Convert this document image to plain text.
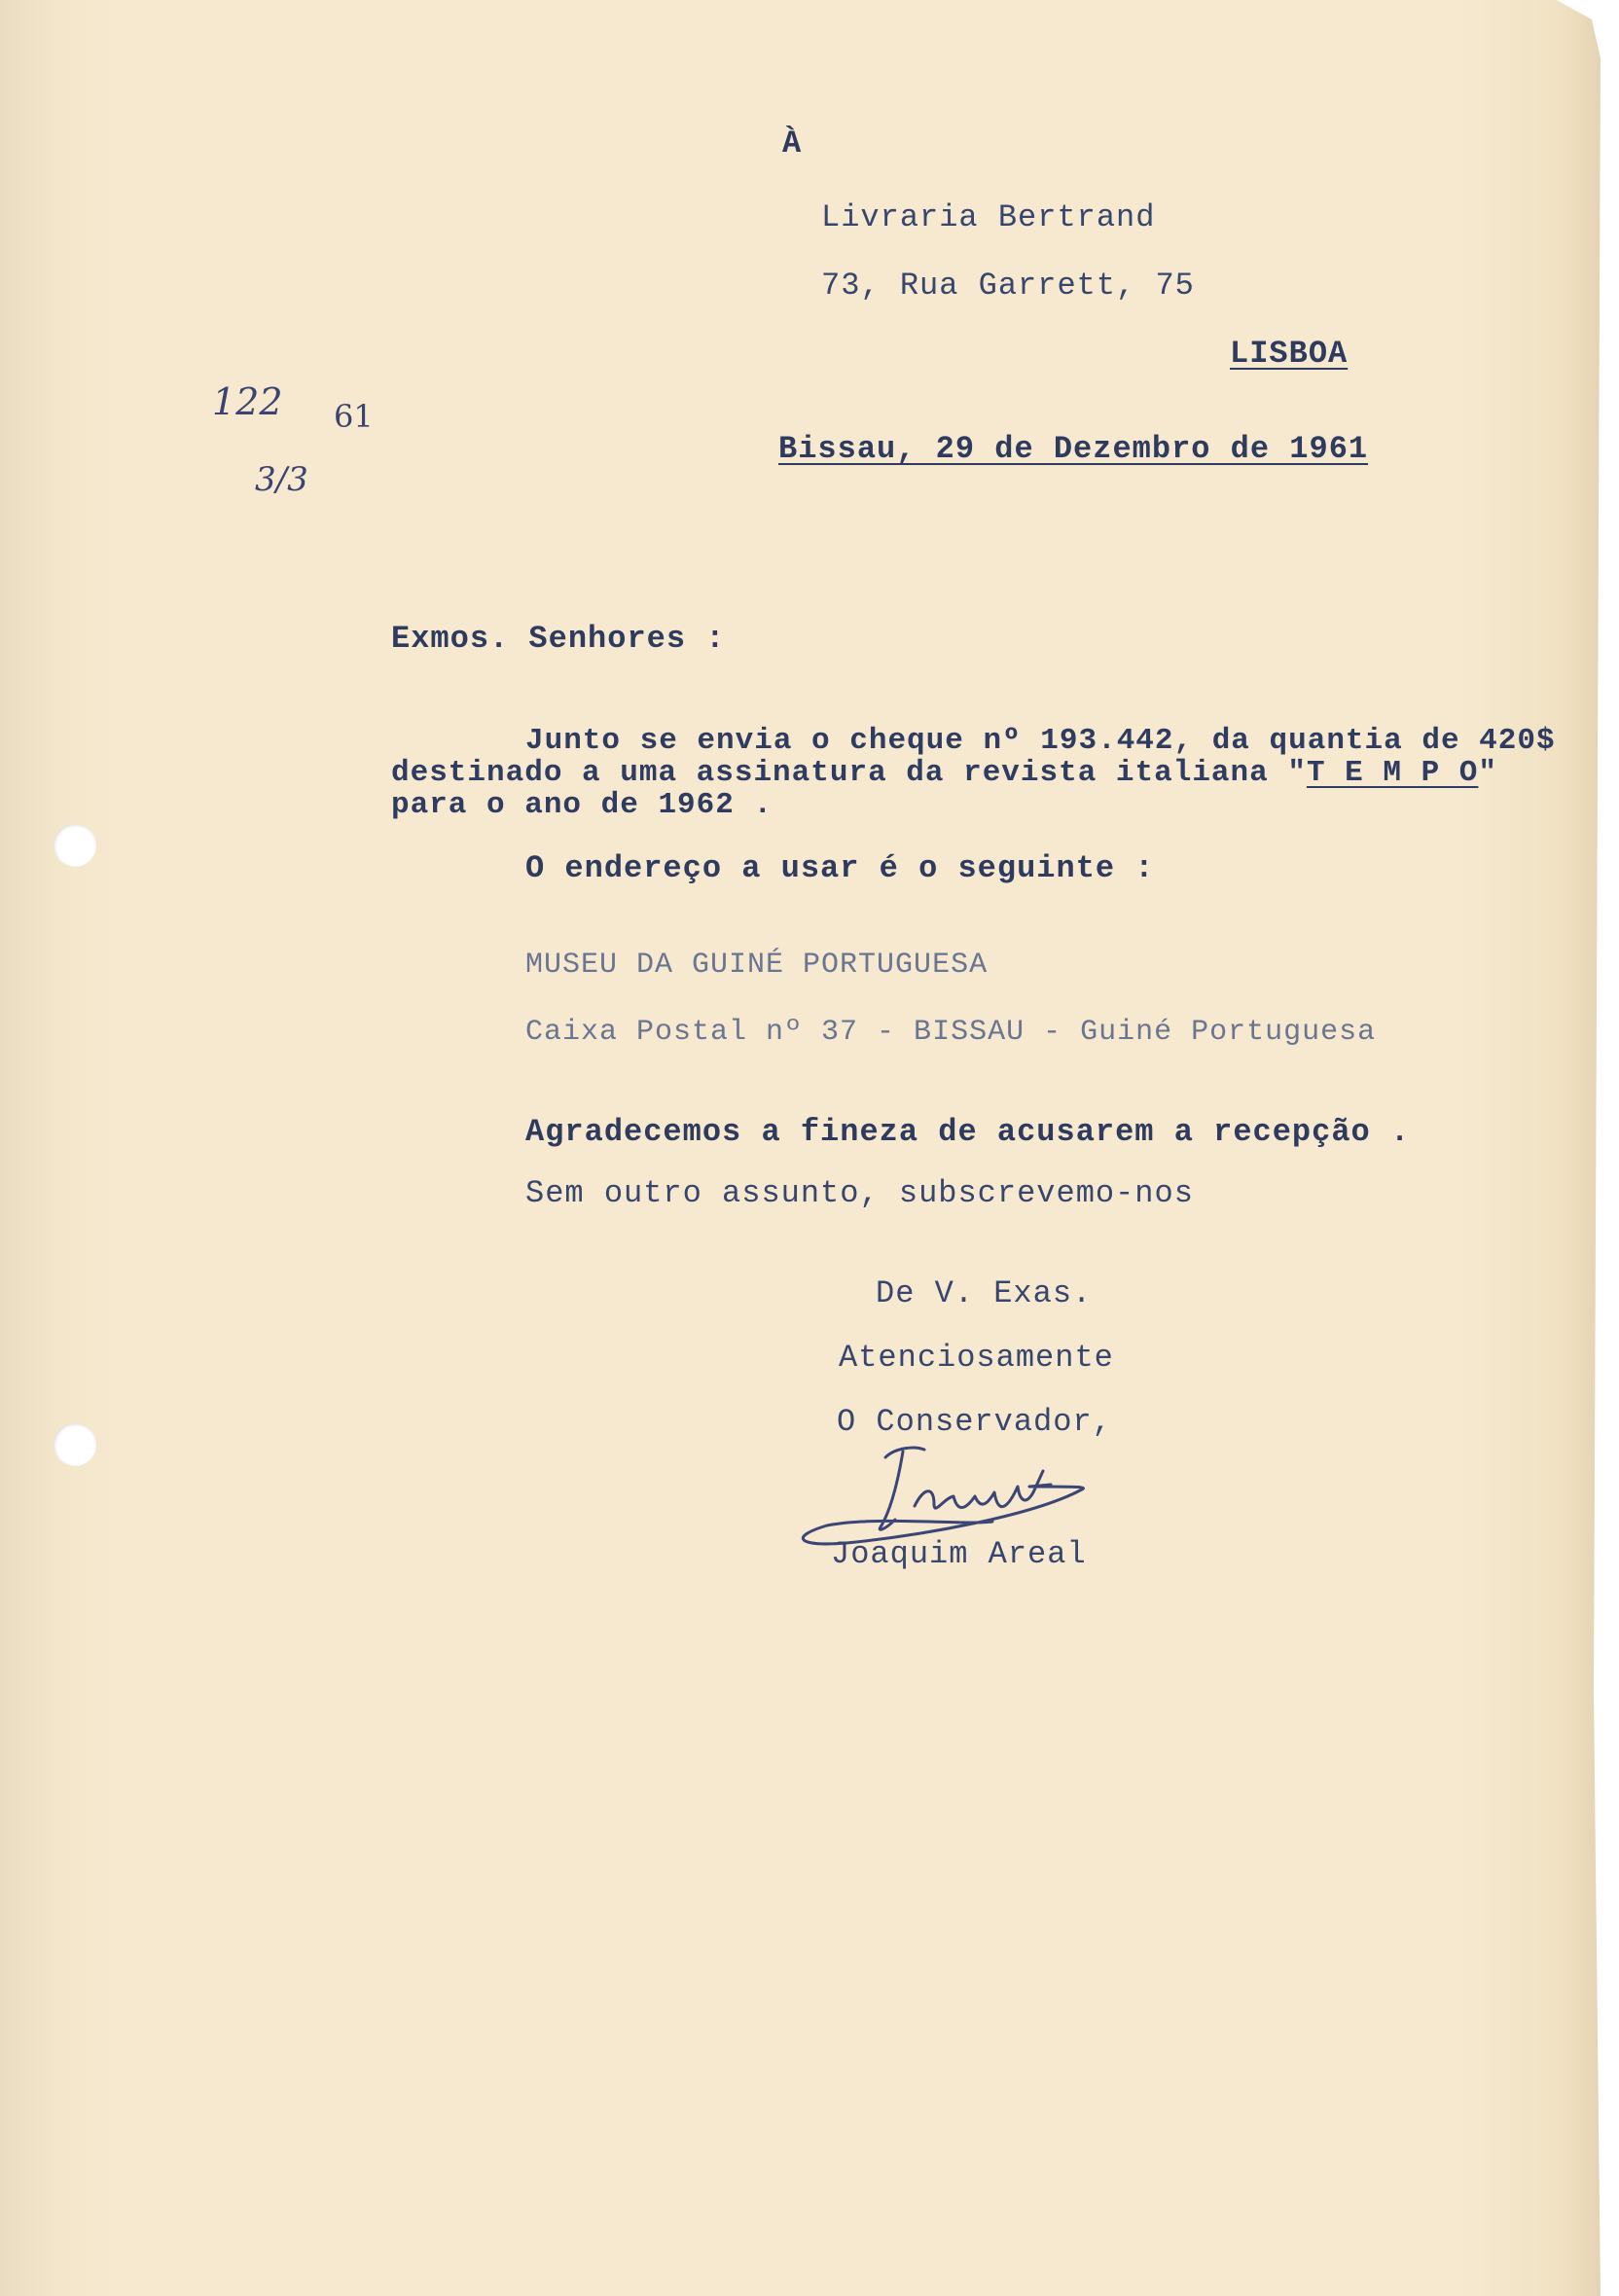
À
Livraria Bertrand
73, Rua Garrett, 75
LISBOA
122 61
3/3
Bissau, 29 de Dezembro de 1961
Exmos. Senhores :
Junto se envia o cheque nº 193.442, da quantia de 420$
destinado a uma assinatura da revista italiana "T E M P O"
para o ano de 1962 .
O endereço a usar é o seguinte :
MUSEU DA GUINÉ PORTUGUESA
Caixa Postal nº 37 - BISSAU - Guiné Portuguesa
Agradecemos a fineza de acusarem a recepção .
Sem outro assunto, subscrevemo-nos
De V. Exas.
Atenciosamente
O Conservador,
Joaquim Areal
